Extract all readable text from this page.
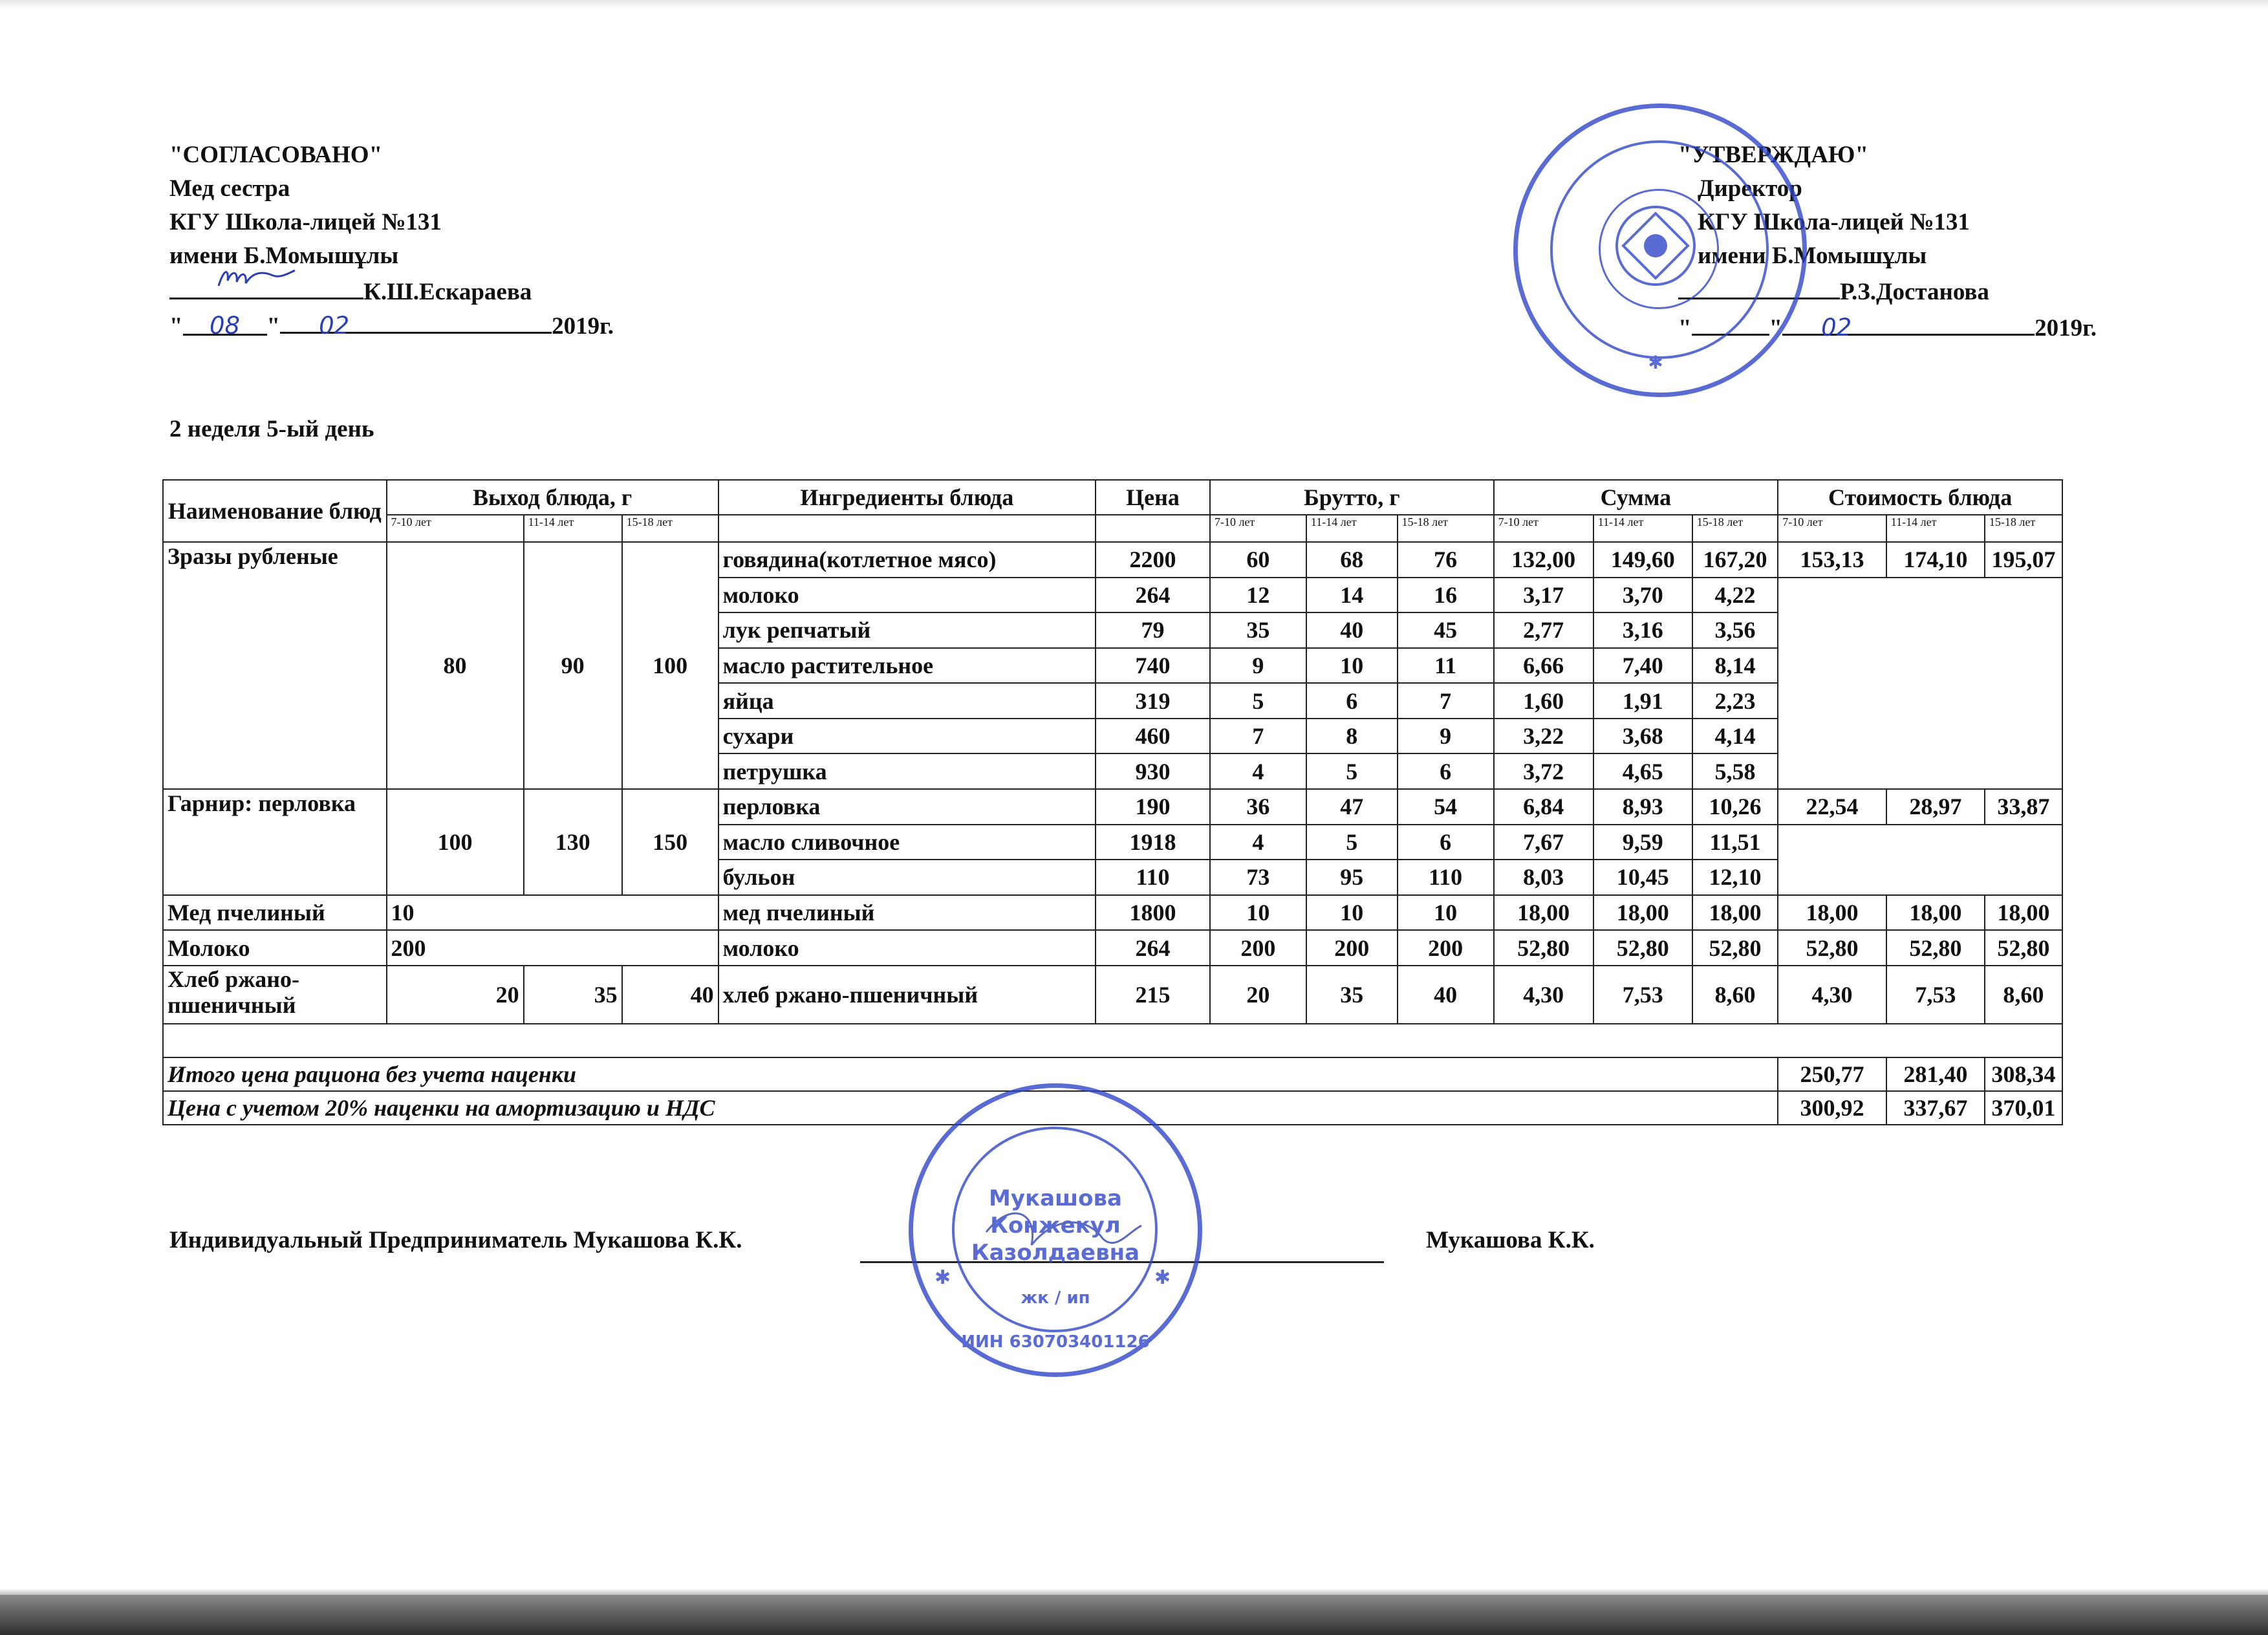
"СОГЛАСОВАНО"
Мед сестра
КГУ Школа-лицей №131
имени Б.Момышұлы
К.Ш.Ескараева
" 08 " 02	2019г.
"УТВЕРЖДАЮ"
Директор
КГУ Школа-лицей №131
имени Б.Момышұлы
Р.З.Достанова
"	" 02	2019г.
✱
2 неделя 5-ый день
Наименование блюд	Выход блюда, г			Ингредиенты блюда	Цена	Брутто, г			Сумма			Стоимость блюда		
	7-10 лет	11-14 лет	15-18 лет			7-10 лет	11-14 лет	15-18 лет	7-10 лет	11-14 лет	15-18 лет	7-10 лет	11-14 лет	15-18 лет
Зразы рубленые	80	90	100	говядина(котлетное мясо)	2200	60	68	76	132,00	149,60	167,20	153,13	174,10	195,07
				молоко	264	12	14	16	3,17	3,70	4,22			
				лук репчатый	79	35	40	45	2,77	3,16	3,56			
				масло растительное	740	9	10	11	6,66	7,40	8,14			
				яйца	319	5	6	7	1,60	1,91	2,23			
				сухари	460	7	8	9	3,22	3,68	4,14			
				петрушка	930	4	5	6	3,72	4,65	5,58			
Гарнир: перловка	100	130	150	перловка	190	36	47	54	6,84	8,93	10,26	22,54	28,97	33,87
				масло сливочное	1918	4	5	6	7,67	9,59	11,51			
				бульон	110	73	95	110	8,03	10,45	12,10			
Мед пчелиный	10			мед пчелиный	1800	10	10	10	18,00	18,00	18,00	18,00	18,00	18,00
Молоко	200			молоко	264	200	200	200	52,80	52,80	52,80	52,80	52,80	52,80
Хлеб ржано-пшеничный	20	35	40	хлеб ржано-пшеничный	215	20	35	40	4,30	7,53	8,60	4,30	7,53	8,60

Итого цена рациона без учета наценки												250,77	281,40	308,34
Цена с учетом 20% наценки на амортизацию и НДС												300,92	337,67	370,01
Индивидуальный Предприниматель Мукашова К.К.	Мукашова К.К.
Мукашова
Конжекул
Казолдаевна
жк / ип
ИИН 630703401126
✱	✱
